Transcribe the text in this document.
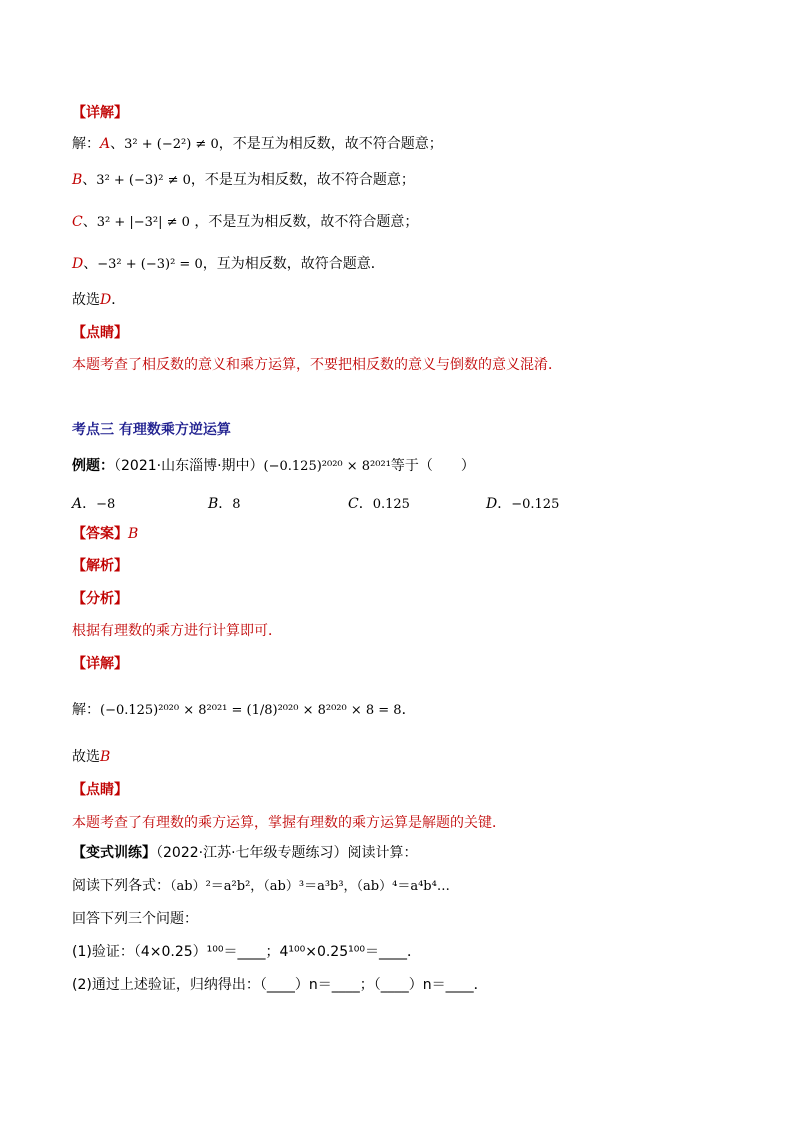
【详解】
解：A、3² + (−2²) ≠ 0，不是互为相反数，故不符合题意；
B、3² + (−3)² ≠ 0，不是互为相反数，故不符合题意；
C、3² + |−3²| ≠ 0 ，不是互为相反数，故不符合题意；
D、−3² + (−3)² = 0，互为相反数，故符合题意．
故选D．
【点睛】
本题考查了相反数的意义和乘方运算，不要把相反数的意义与倒数的意义混淆．
考点三 有理数乘方逆运算
例题：（2021·山东淄博·期中）(−0.125)²⁰²⁰ × 8²⁰²¹等于（　　）
A．−8	B．8	C．0.125	D．−0.125
【答案】B
【解析】
【分析】
根据有理数的乘方进行计算即可．
【详解】
解：(−0.125)²⁰²⁰ × 8²⁰²¹ = (1/8)²⁰²⁰ × 8²⁰²⁰ × 8 = 8．
故选B
【点睛】
本题考查了有理数的乘方运算，掌握有理数的乘方运算是解题的关键．
【变式训练】（2022·江苏·七年级专题练习）阅读计算：
阅读下列各式：（ab）²＝a²b²，（ab）³＝a³b³，（ab）⁴＝a⁴b⁴…
回答下列三个问题：
(1)验证：（4×0.25）¹⁰⁰＝____；4¹⁰⁰×0.25¹⁰⁰＝____．
(2)通过上述验证，归纳得出：（____）n＝____；（____）n＝____．
